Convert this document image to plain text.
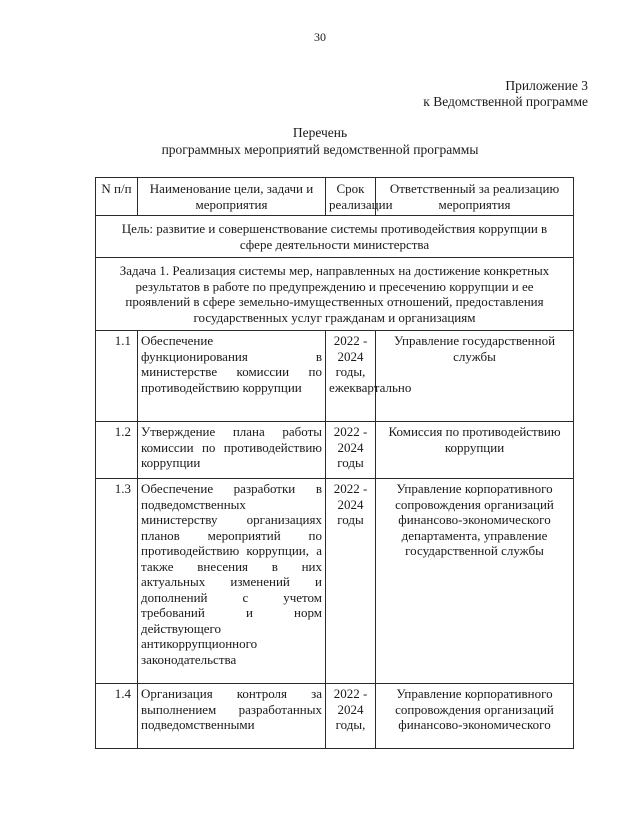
30
Приложение 3
к Ведомственной программе
Перечень
программных мероприятий ведомственной программы
N п/п	Наименование цели, задачи и мероприятия	Срок реализации	Ответственный за реализацию мероприятия
Цель: развитие и совершенствование системы противодействия коррупции в сфере деятельности министерства			
Задача 1. Реализация системы мер, направленных на достижение конкретных результатов в работе по предупреждению и пресечению коррупции и ее проявлений в сфере земельно-имущественных отношений, предоставления государственных услуг гражданам и организациям			
1.1	Обеспечение функционирования в министерстве комиссии по противодействию коррупции	2022 - 2024 годы, ежеквартально	Управление государственной службы
1.2	Утверждение плана работы комиссии по противодействию коррупции	2022 - 2024 годы	Комиссия по противодействию коррупции
1.3	Обеспечение разработки в подведомственных министерству организациях планов мероприятий по противодействию коррупции, а также внесения в них актуальных изменений и дополнений с учетом требований и норм действующего антикоррупционного законодательства	2022 - 2024 годы	Управление корпоративного сопровождения организаций финансово-экономического департамента, управление государственной службы
1.4	Организация контроля за выполнением разработанных подведомственными	2022 - 2024 годы,	Управление корпоративного сопровождения организаций финансово-экономического
